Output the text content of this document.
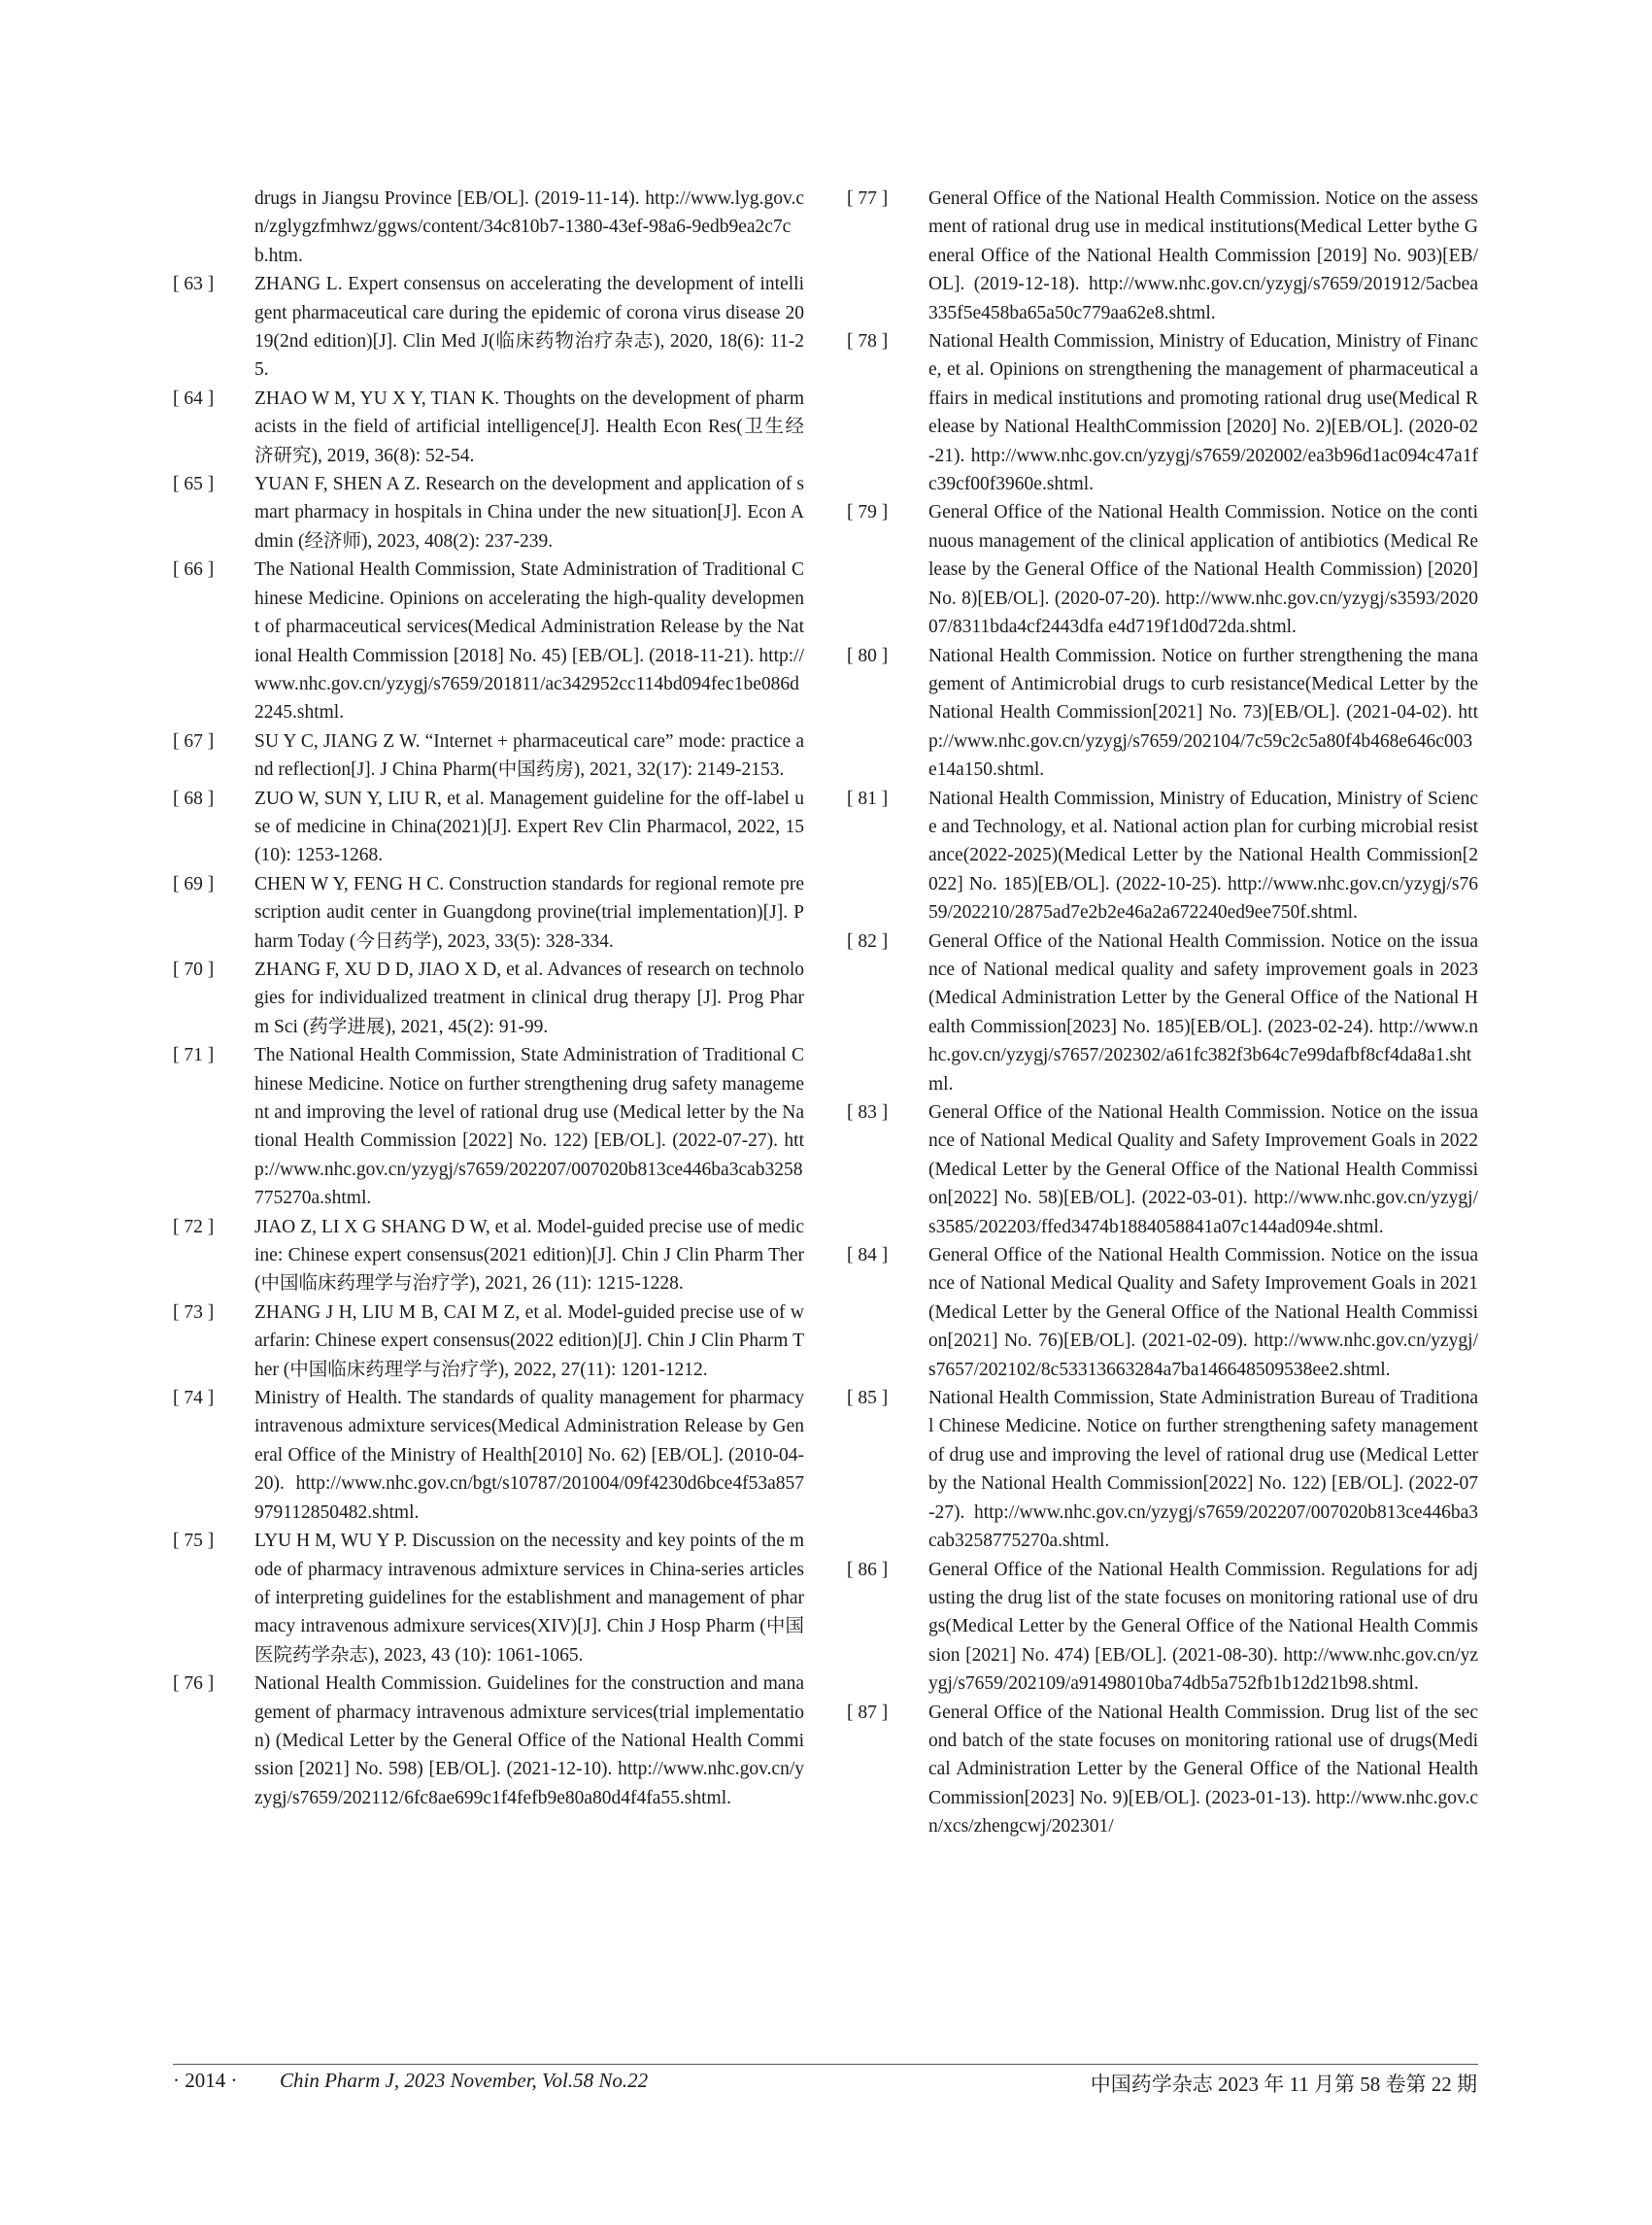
drugs in Jiangsu Province [EB/OL]. (2019-11-14). http://www.lyg.gov.cn/zglygzfmhwz/ggws/content/34c810b7-1380-43ef-98a6-9edb9ea2c7cb.htm.
[ 63 ]	ZHANG L. Expert consensus on accelerating the development of intelligent pharmaceutical care during the epidemic of corona virus disease 2019(2nd edition)[J]. Clin Med J(临床药物治疗杂志), 2020, 18(6): 11-25.
[ 64 ]	ZHAO W M, YU X Y, TIAN K. Thoughts on the development of pharmacists in the field of artificial intelligence[J]. Health Econ Res(卫生经济研究), 2019, 36(8): 52-54.
[ 65 ]	YUAN F, SHEN A Z. Research on the development and application of smart pharmacy in hospitals in China under the new situation[J]. Econ Admin (经济师), 2023, 408(2): 237-239.
[ 66 ]	The National Health Commission, State Administration of Traditional Chinese Medicine. Opinions on accelerating the high-quality development of pharmaceutical services(Medical Administration Release by the National Health Commission [2018] No. 45) [EB/OL]. (2018-11-21). http://www.nhc.gov.cn/yzygj/s7659/201811/ac342952cc114bd094fec1be086d2245.shtml.
[ 67 ]	SU Y C, JIANG Z W. “Internet + pharmaceutical care” mode: practice and reflection[J]. J China Pharm(中国药房), 2021, 32(17): 2149-2153.
[ 68 ]	ZUO W, SUN Y, LIU R, et al. Management guideline for the off-label use of medicine in China(2021)[J]. Expert Rev Clin Pharmacol, 2022, 15(10): 1253-1268.
[ 69 ]	CHEN W Y, FENG H C. Construction standards for regional remote prescription audit center in Guangdong provine(trial implementation)[J]. Pharm Today (今日药学), 2023, 33(5): 328-334.
[ 70 ]	ZHANG F, XU D D, JIAO X D, et al. Advances of research on technologies for individualized treatment in clinical drug therapy [J]. Prog Pharm Sci (药学进展), 2021, 45(2): 91-99.
[ 71 ]	The National Health Commission, State Administration of Traditional Chinese Medicine. Notice on further strengthening drug safety management and improving the level of rational drug use (Medical letter by the National Health Commission [2022] No. 122) [EB/OL]. (2022-07-27). http://www.nhc.gov.cn/yzygj/s7659/202207/007020b813ce446ba3cab3258775270a.shtml.
[ 72 ]	JIAO Z, LI X G SHANG D W, et al. Model-guided precise use of medicine: Chinese expert consensus(2021 edition)[J]. Chin J Clin Pharm Ther (中国临床药理学与治疗学), 2021, 26 (11): 1215-1228.
[ 73 ]	ZHANG J H, LIU M B, CAI M Z, et al. Model-guided precise use of warfarin: Chinese expert consensus(2022 edition)[J]. Chin J Clin Pharm Ther (中国临床药理学与治疗学), 2022, 27(11): 1201-1212.
[ 74 ]	Ministry of Health. The standards of quality management for pharmacy intravenous admixture services(Medical Administration Release by General Office of the Ministry of Health[2010] No. 62) [EB/OL]. (2010-04-20). http://www.nhc.gov.cn/bgt/s10787/201004/09f4230d6bce4f53a857979112850482.shtml.
[ 75 ]	LYU H M, WU Y P. Discussion on the necessity and key points of the mode of pharmacy intravenous admixture services in China-series articles of interpreting guidelines for the establishment and management of pharmacy intravenous admixure services(XIV)[J]. Chin J Hosp Pharm (中国医院药学杂志), 2023, 43 (10): 1061-1065.
[ 76 ]	National Health Commission. Guidelines for the construction and management of pharmacy intravenous admixture services(trial implementation) (Medical Letter by the General Office of the National Health Commission [2021] No. 598) [EB/OL]. (2021-12-10). http://www.nhc.gov.cn/yzygj/s7659/202112/6fc8ae699c1f4fefb9e80a80d4f4fa55.shtml.
[ 77 ]	General Office of the National Health Commission. Notice on the assessment of rational drug use in medical institutions(Medical Letter bythe General Office of the National Health Commission [2019] No. 903)[EB/OL]. (2019-12-18). http://www.nhc.gov.cn/yzygj/s7659/201912/5acbea335f5e458ba65a50c779aa62e8.shtml.
[ 78 ]	National Health Commission, Ministry of Education, Ministry of Finance, et al. Opinions on strengthening the management of pharmaceutical affairs in medical institutions and promoting rational drug use(Medical Release by National HealthCommission [2020] No. 2)[EB/OL]. (2020-02-21). http://www.nhc.gov.cn/yzygj/s7659/202002/ea3b96d1ac094c47a1fc39cf00f3960e.shtml.
[ 79 ]	General Office of the National Health Commission. Notice on the continuous management of the clinical application of antibiotics (Medical Release by the General Office of the National Health Commission) [2020] No. 8)[EB/OL]. (2020-07-20). http://www.nhc.gov.cn/yzygj/s3593/202007/8311bda4cf2443dfa e4d719f1d0d72da.shtml.
[ 80 ]	National Health Commission. Notice on further strengthening the management of Antimicrobial drugs to curb resistance(Medical Letter by the National Health Commission[2021] No. 73)[EB/OL]. (2021-04-02). http://www.nhc.gov.cn/yzygj/s7659/202104/7c59c2c5a80f4b468e646c003e14a150.shtml.
[ 81 ]	National Health Commission, Ministry of Education, Ministry of Science and Technology, et al. National action plan for curbing microbial resistance(2022-2025)(Medical Letter by the National Health Commission[2022] No. 185)[EB/OL]. (2022-10-25). http://www.nhc.gov.cn/yzygj/s7659/202210/2875ad7e2b2e46a2a672240ed9ee750f.shtml.
[ 82 ]	General Office of the National Health Commission. Notice on the issuance of National medical quality and safety improvement goals in 2023(Medical Administration Letter by the General Office of the National Health Commission[2023] No. 185)[EB/OL]. (2023-02-24). http://www.nhc.gov.cn/yzygj/s7657/202302/a61fc382f3b64c7e99dafbf8cf4da8a1.shtml.
[ 83 ]	General Office of the National Health Commission. Notice on the issuance of National Medical Quality and Safety Improvement Goals in 2022(Medical Letter by the General Office of the National Health Commission[2022] No. 58)[EB/OL]. (2022-03-01). http://www.nhc.gov.cn/yzygj/s3585/202203/ffed3474b1884058841a07c144ad094e.shtml.
[ 84 ]	General Office of the National Health Commission. Notice on the issuance of National Medical Quality and Safety Improvement Goals in 2021(Medical Letter by the General Office of the National Health Commission[2021] No. 76)[EB/OL]. (2021-02-09). http://www.nhc.gov.cn/yzygj/s7657/202102/8c53313663284a7ba146648509538ee2.shtml.
[ 85 ]	National Health Commission, State Administration Bureau of Traditional Chinese Medicine. Notice on further strengthening safety management of drug use and improving the level of rational drug use (Medical Letter by the National Health Commission[2022] No. 122) [EB/OL]. (2022-07-27). http://www.nhc.gov.cn/yzygj/s7659/202207/007020b813ce446ba3cab3258775270a.shtml.
[ 86 ]	General Office of the National Health Commission. Regulations for adjusting the drug list of the state focuses on monitoring rational use of drugs(Medical Letter by the General Office of the National Health Commission [2021] No. 474) [EB/OL]. (2021-08-30). http://www.nhc.gov.cn/yzygj/s7659/202109/a91498010ba74db5a752fb1b12d21b98.shtml.
[ 87 ]	General Office of the National Health Commission. Drug list of the second batch of the state focuses on monitoring rational use of drugs(Medical Administration Letter by the General Office of the National Health Commission[2023] No. 9)[EB/OL]. (2023-01-13). http://www.nhc.gov.cn/xcs/zhengcwj/202301/
· 2014 · Chin Pharm J, 2023 November, Vol.58 No.22	中国药学杂志 2023 年 11 月第 58 卷第 22 期
